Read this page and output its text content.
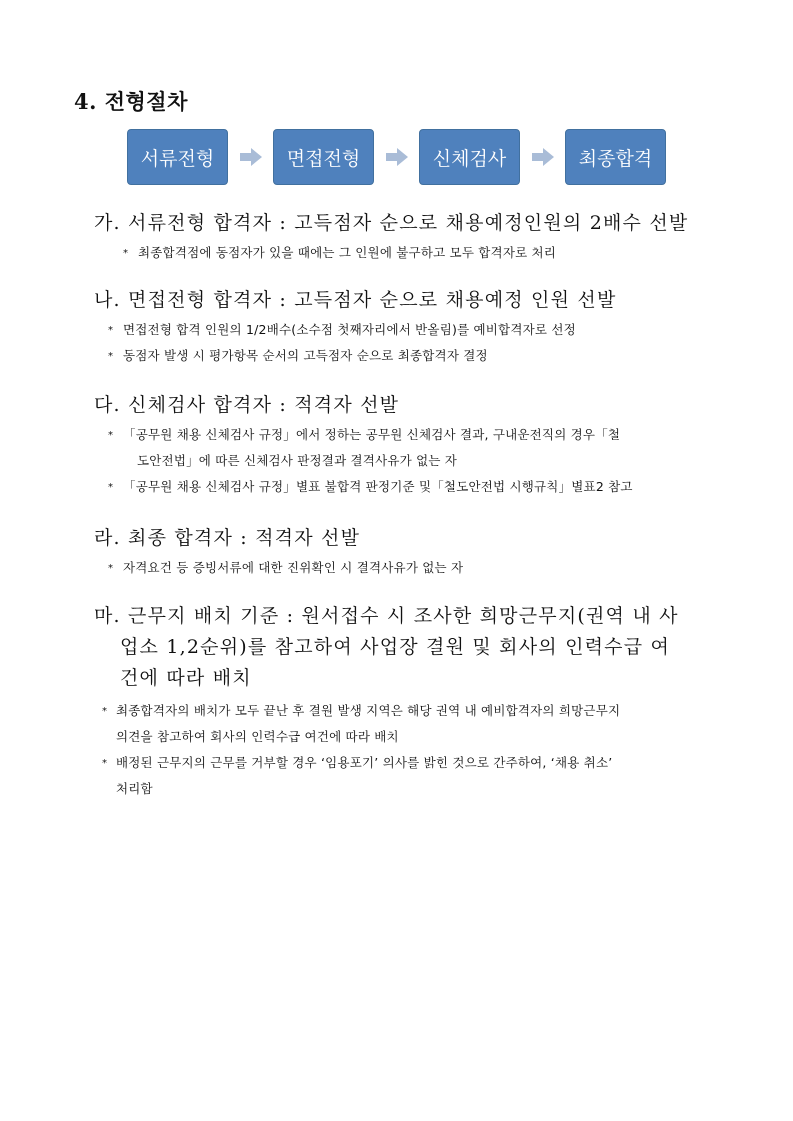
4. 전형절차
서류전형	면접전형	신체검사	최종합격
가. 서류전형 합격자 : 고득점자 순으로 채용예정인원의 2배수 선발
* 최종합격점에 동점자가 있을 때에는 그 인원에 불구하고 모두 합격자로 처리
나. 면접전형 합격자 : 고득점자 순으로 채용예정 인원 선발
* 면접전형 합격 인원의 1/2배수(소수점 첫째자리에서 반올림)를 예비합격자로 선정
* 동점자 발생 시 평가항목 순서의 고득점자 순으로 최종합격자 결정
다. 신체검사 합격자 : 적격자 선발
* 「공무원 채용 신체검사 규정」에서 정하는 공무원 신체검사 결과, 구내운전직의 경우「철
도안전법」에 따른 신체검사 판정결과 결격사유가 없는 자
* 「공무원 채용 신체검사 규정」별표 불합격 판정기준 및「철도안전법 시행규칙」별표2 참고
라. 최종 합격자 : 적격자 선발
* 자격요건 등 증빙서류에 대한 진위확인 시 결격사유가 없는 자
마. 근무지 배치 기준 : 원서접수 시 조사한 희망근무지(권역 내 사
업소 1,2순위)를 참고하여 사업장 결원 및 회사의 인력수급 여
건에 따라 배치
* 최종합격자의 배치가 모두 끝난 후 결원 발생 지역은 해당 권역 내 예비합격자의 희망근무지
의견을 참고하여 회사의 인력수급 여건에 따라 배치
* 배정된 근무지의 근무를 거부할 경우 ‘임용포기’ 의사를 밝힌 것으로 간주하여, ‘채용 취소’
처리함
